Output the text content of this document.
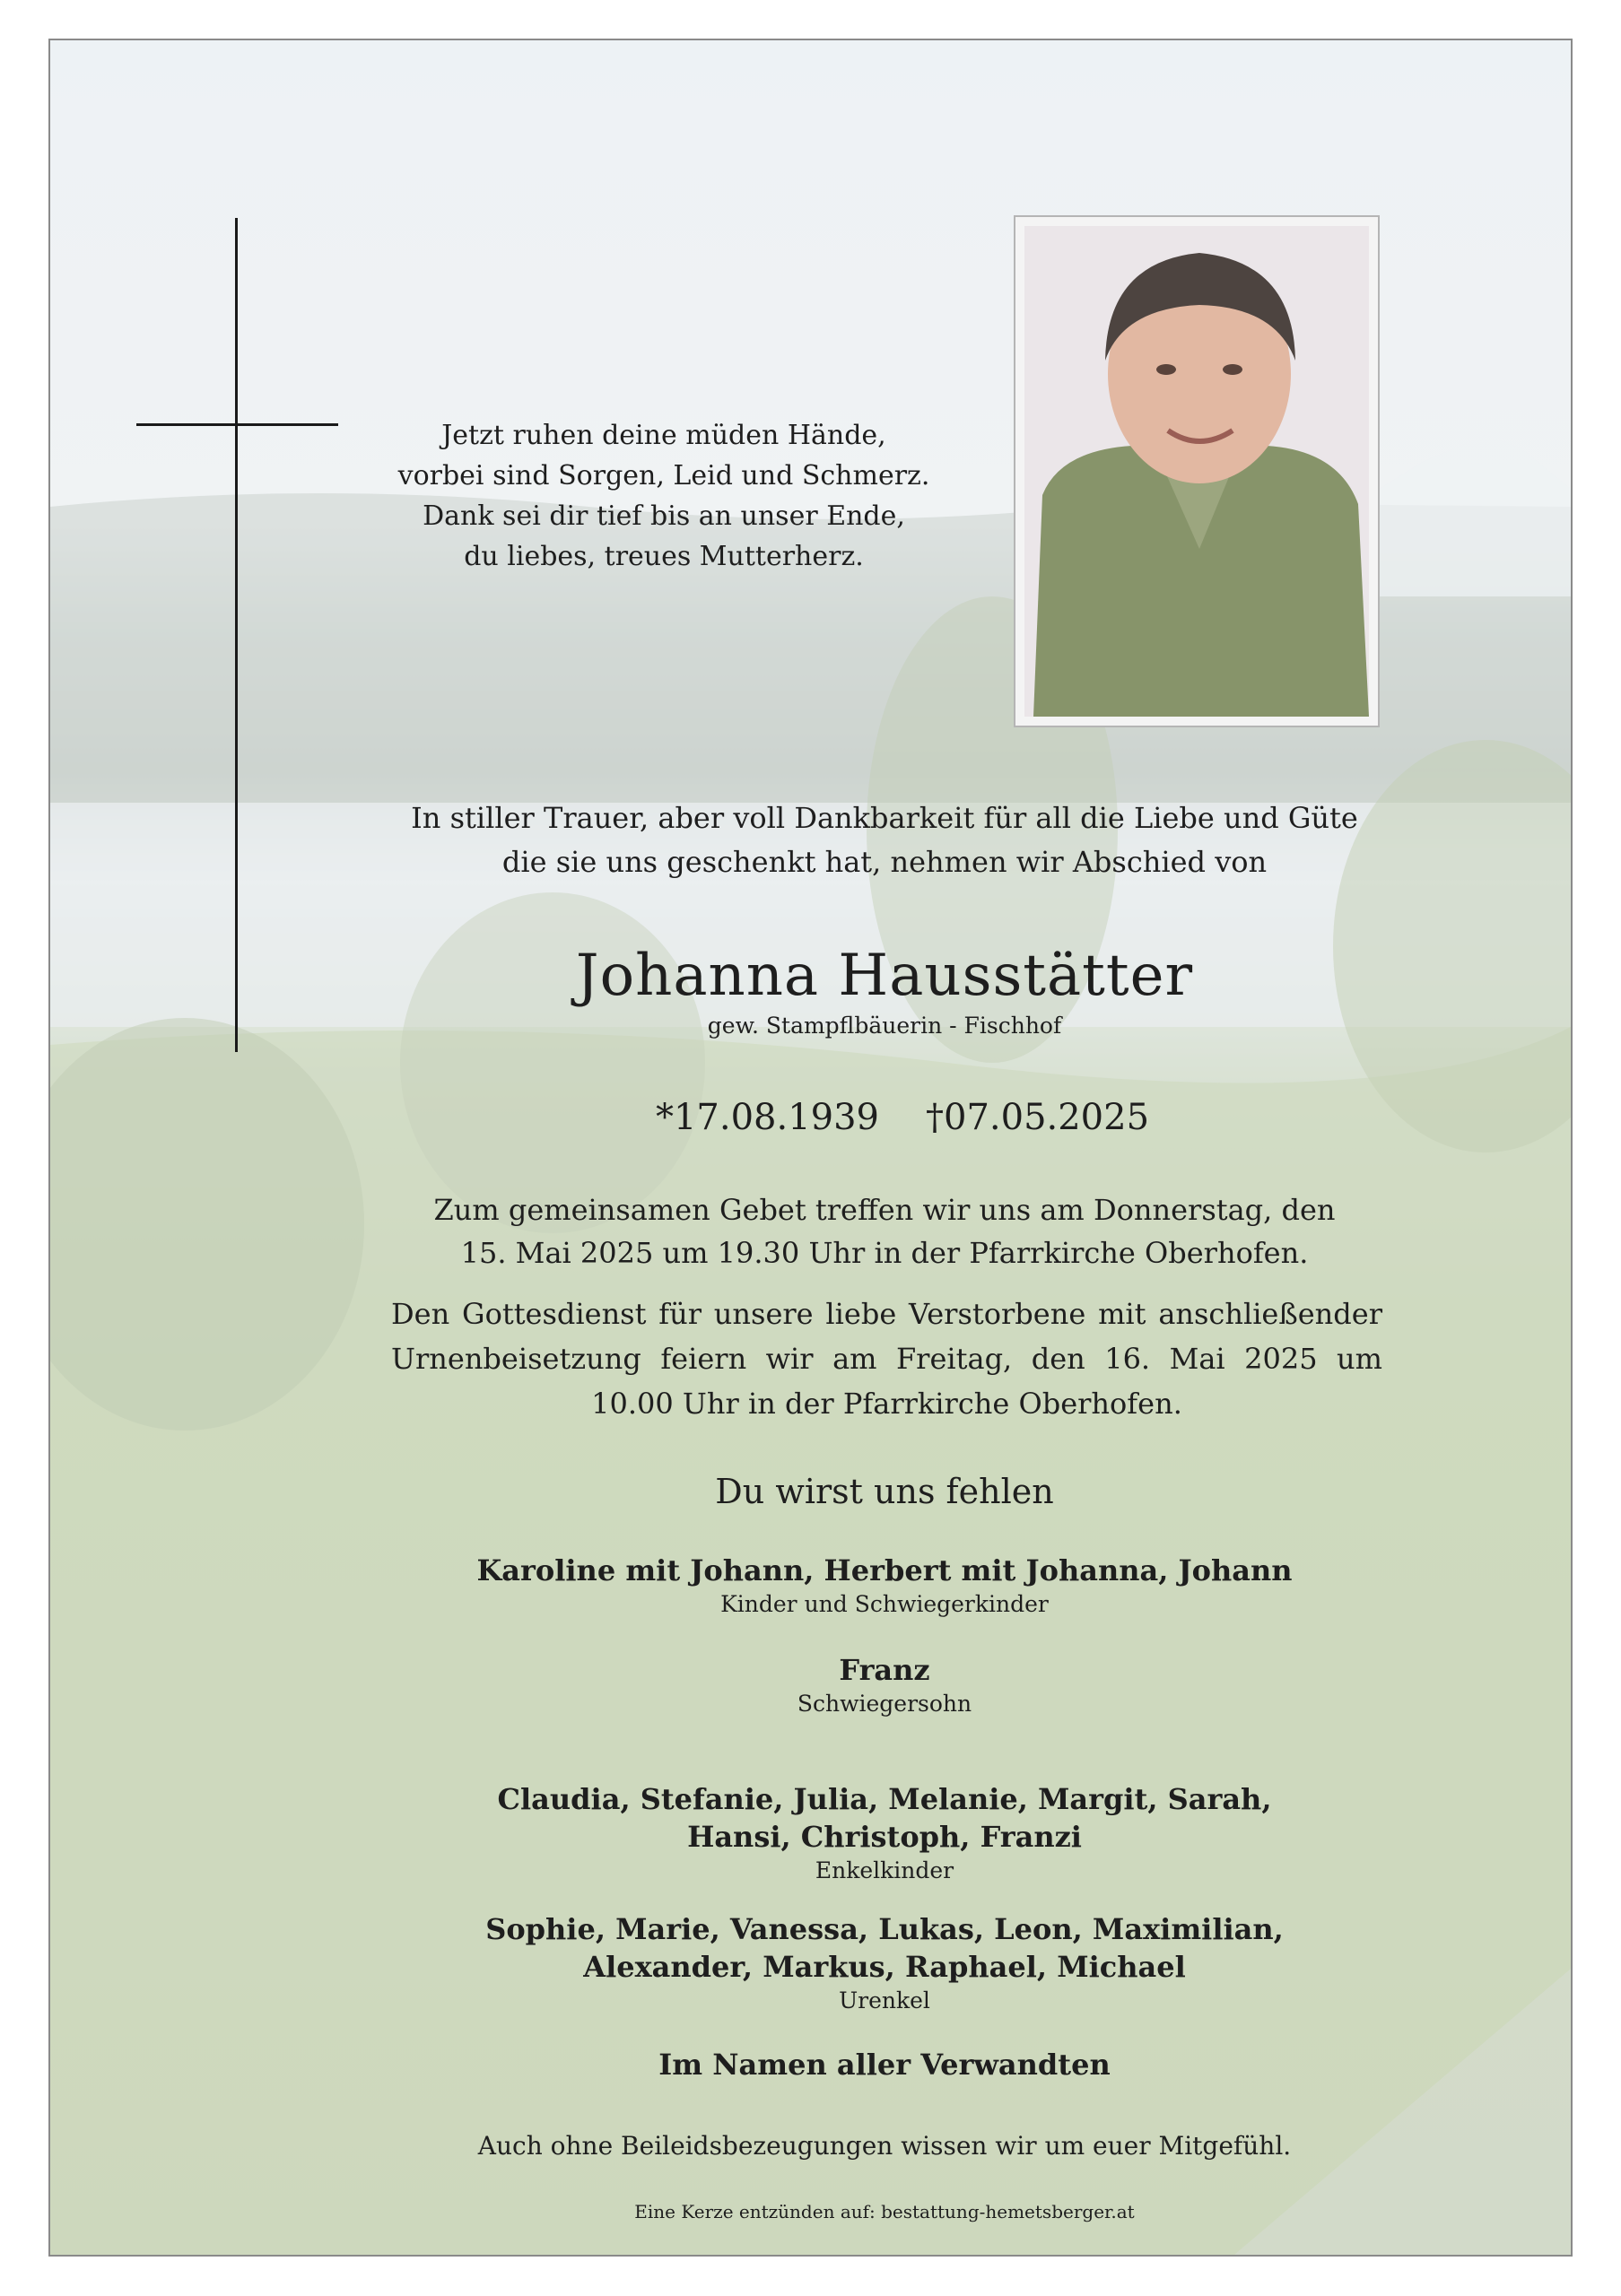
Jetzt ruhen deine müden Hände,
vorbei sind Sorgen, Leid und Schmerz.
Dank sei dir tief bis an unser Ende,
du liebes, treues Mutterherz.
In stiller Trauer, aber voll Dankbarkeit für all die Liebe und Güte
die sie uns geschenkt hat, nehmen wir Abschied von
Johanna Hausstätter
gew. Stampflbäuerin - Fischhof
*17.08.1939 †07.05.2025
Zum gemeinsamen Gebet treffen wir uns am Donnerstag, den
15. Mai 2025 um 19.30 Uhr in der Pfarrkirche Oberhofen.
Den Gottesdienst für unsere liebe Verstorbene mit anschließender Urnenbeisetzung feiern wir am Freitag, den 16. Mai 2025 um 10.00 Uhr in der Pfarrkirche Oberhofen.
Du wirst uns fehlen
Karoline mit Johann, Herbert mit Johanna, Johann
Kinder und Schwiegerkinder
Franz
Schwiegersohn
Claudia, Stefanie, Julia, Melanie, Margit, Sarah,
Hansi, Christoph, Franzi
Enkelkinder
Sophie, Marie, Vanessa, Lukas, Leon, Maximilian,
Alexander, Markus, Raphael, Michael
Urenkel
Im Namen aller Verwandten
Auch ohne Beileidsbezeugungen wissen wir um euer Mitgefühl.
Eine Kerze entzünden auf: bestattung-hemetsberger.at
